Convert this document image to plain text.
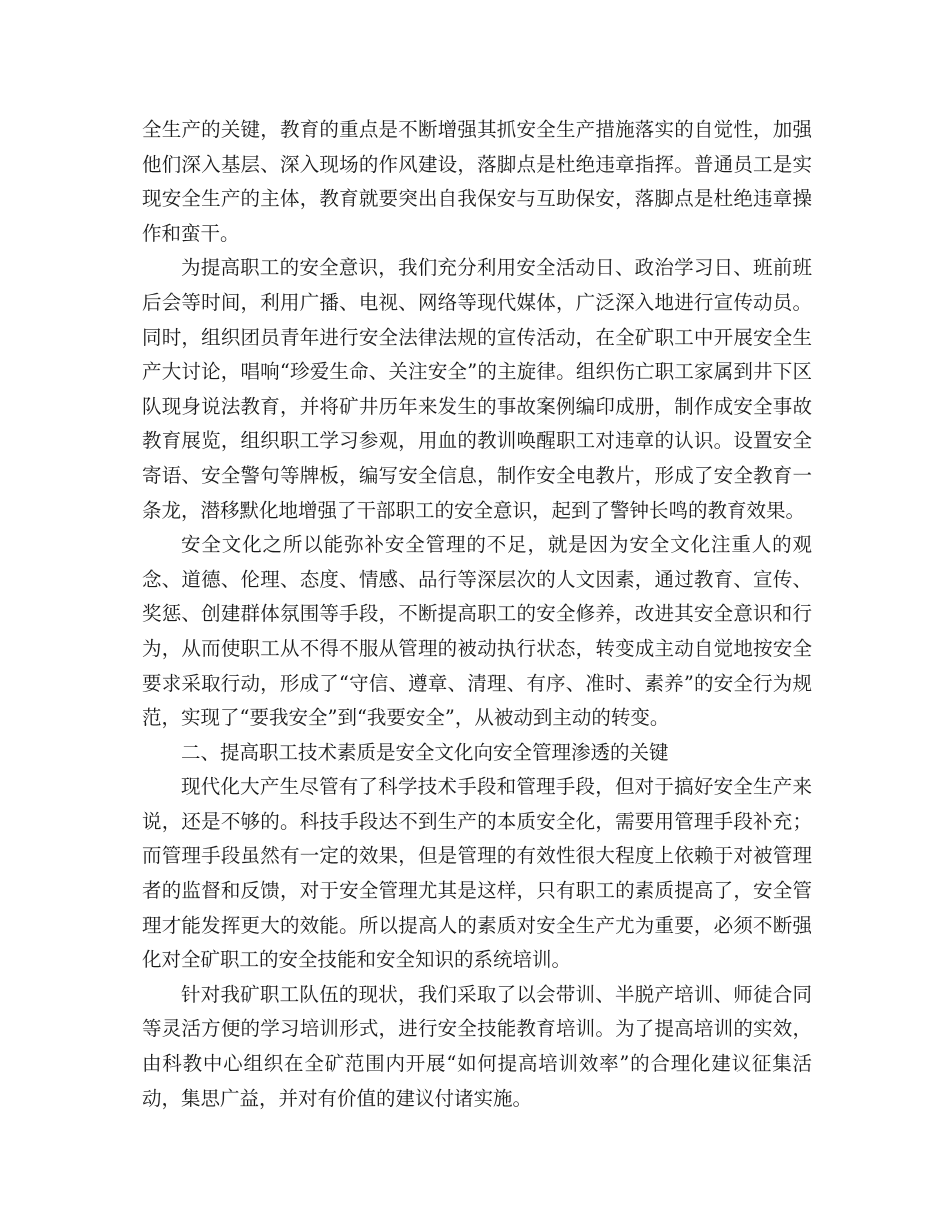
全生产的关键，教育的重点是不断增强其抓安全生产措施落实的自觉性，加强他们深入基层、深入现场的作风建设，落脚点是杜绝违章指挥。普通员工是实现安全生产的主体，教育就要突出自我保安与互助保安，落脚点是杜绝违章操作和蛮干。

为提高职工的安全意识，我们充分利用安全活动日、政治学习日、班前班后会等时间，利用广播、电视、网络等现代媒体，广泛深入地进行宣传动员。同时，组织团员青年进行安全法律法规的宣传活动，在全矿职工中开展安全生产大讨论，唱响“珍爱生命、关注安全”的主旋律。组织伤亡职工家属到井下区队现身说法教育，并将矿井历年来发生的事故案例编印成册，制作成安全事故教育展览，组织职工学习参观，用血的教训唤醒职工对违章的认识。设置安全寄语、安全警句等牌板，编写安全信息，制作安全电教片，形成了安全教育一条龙，潜移默化地增强了干部职工的安全意识，起到了警钟长鸣的教育效果。

安全文化之所以能弥补安全管理的不足，就是因为安全文化注重人的观念、道德、伦理、态度、情感、品行等深层次的人文因素，通过教育、宣传、奖惩、创建群体氛围等手段，不断提高职工的安全修养，改进其安全意识和行为，从而使职工从不得不服从管理的被动执行状态，转变成主动自觉地按安全要求采取行动，形成了“守信、遵章、清理、有序、准时、素养”的安全行为规范，实现了“要我安全”到“我要安全”，从被动到主动的转变。

二、提高职工技术素质是安全文化向安全管理渗透的关键

现代化大产生尽管有了科学技术手段和管理手段，但对于搞好安全生产来说，还是不够的。科技手段达不到生产的本质安全化，需要用管理手段补充；而管理手段虽然有一定的效果，但是管理的有效性很大程度上依赖于对被管理者的监督和反馈，对于安全管理尤其是这样，只有职工的素质提高了，安全管理才能发挥更大的效能。所以提高人的素质对安全生产尤为重要，必须不断强化对全矿职工的安全技能和安全知识的系统培训。

针对我矿职工队伍的现状，我们采取了以会带训、半脱产培训、师徒合同等灵活方便的学习培训形式，进行安全技能教育培训。为了提高培训的实效，由科教中心组织在全矿范围内开展“如何提高培训效率”的合理化建议征集活动，集思广益，并对有价值的建议付诸实施。
